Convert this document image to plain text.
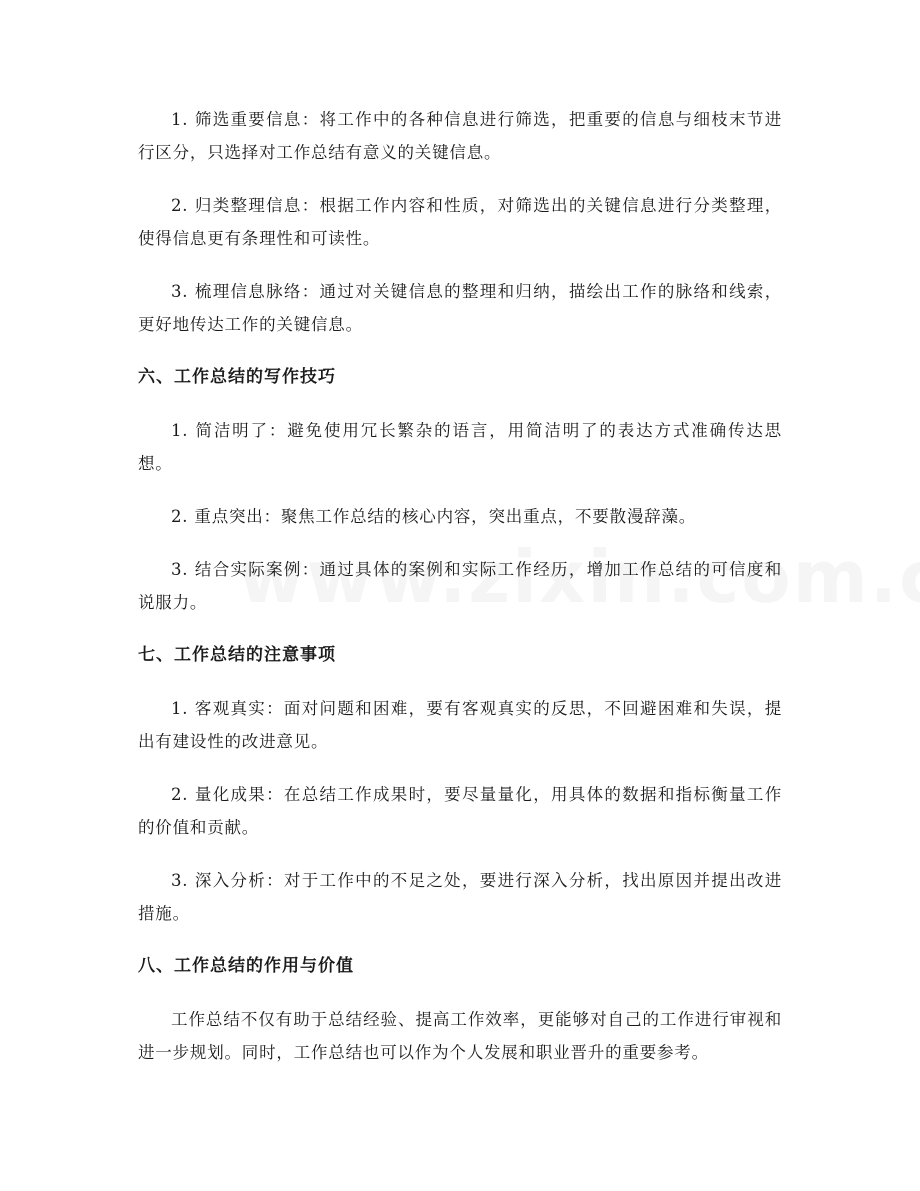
1. 筛选重要信息：将工作中的各种信息进行筛选，把重要的信息与细枝末节进行区分，只选择对工作总结有意义的关键信息。

2. 归类整理信息：根据工作内容和性质，对筛选出的关键信息进行分类整理，使得信息更有条理性和可读性。

3. 梳理信息脉络：通过对关键信息的整理和归纳，描绘出工作的脉络和线索，更好地传达工作的关键信息。

六、工作总结的写作技巧

1. 简洁明了：避免使用冗长繁杂的语言，用简洁明了的表达方式准确传达思想。

2. 重点突出：聚焦工作总结的核心内容，突出重点，不要散漫辞藻。

3. 结合实际案例：通过具体的案例和实际工作经历，增加工作总结的可信度和说服力。

七、工作总结的注意事项

1. 客观真实：面对问题和困难，要有客观真实的反思，不回避困难和失误，提出有建设性的改进意见。

2. 量化成果：在总结工作成果时，要尽量量化，用具体的数据和指标衡量工作的价值和贡献。

3. 深入分析：对于工作中的不足之处，要进行深入分析，找出原因并提出改进措施。

八、工作总结的作用与价值

工作总结不仅有助于总结经验、提高工作效率，更能够对自己的工作进行审视和进一步规划。同时，工作总结也可以作为个人发展和职业晋升的重要参考。
